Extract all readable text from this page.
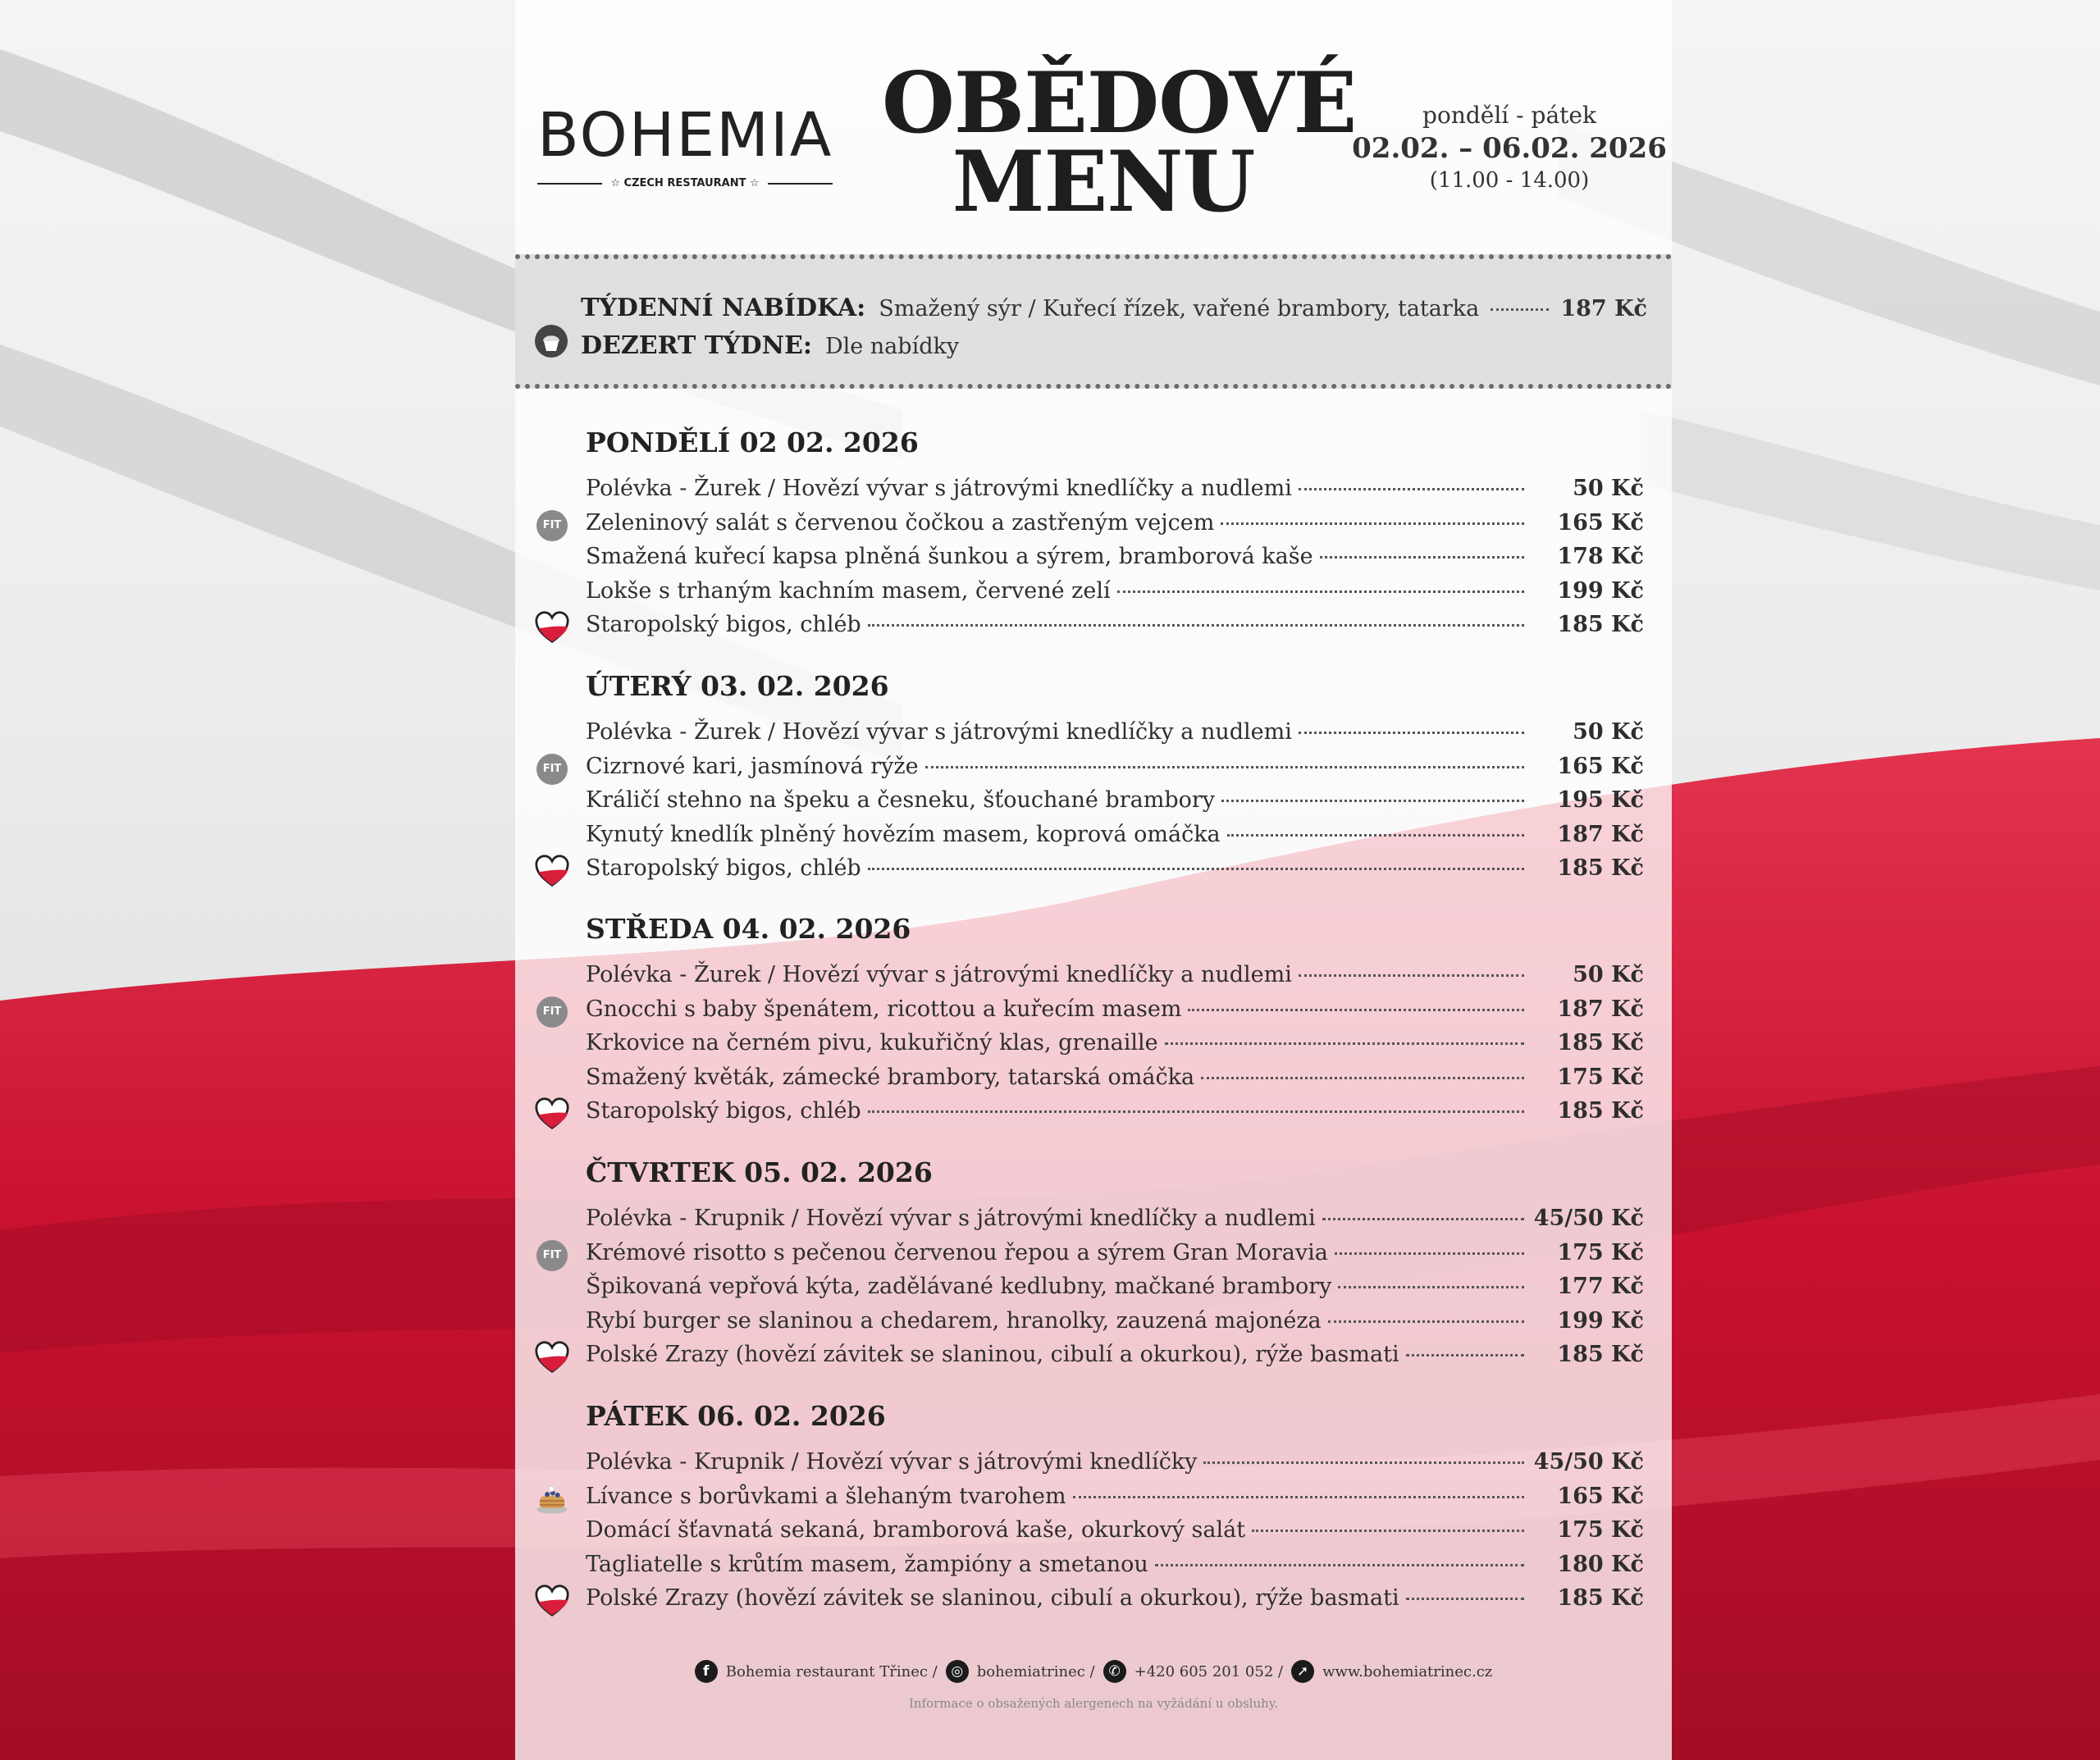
BOHEMIA
☆ CZECH RESTAURANT ☆
OBĚDOVÉ
MENU
pondělí - pátek
02.02. – 06.02. 2026
(11.00 - 14.00)
TÝDENNÍ NABÍDKA: Smažený sýr / Kuřecí řízek, vařené brambory, tatarka	187 Kč
DEZERT TÝDNE: Dle nabídky
PONDĚLÍ 02 02. 2026
Polévka - Žurek / Hovězí vývar s játrovými knedlíčky a nudlemi	50 Kč
FIT Zeleninový salát s červenou čočkou a zastřeným vejcem	165 Kč
Smažená kuřecí kapsa plněná šunkou a sýrem, bramborová kaše	178 Kč
Lokše s trhaným kachním masem, červené zelí	199 Kč
Staropolský bigos, chléb	185 Kč
ÚTERÝ 03. 02. 2026
Polévka - Žurek / Hovězí vývar s játrovými knedlíčky a nudlemi	50 Kč
FIT Cizrnové kari, jasmínová rýže	165 Kč
Králičí stehno na špeku a česneku, šťouchané brambory	195 Kč
Kynutý knedlík plněný hovězím masem, koprová omáčka	187 Kč
Staropolský bigos, chléb	185 Kč
STŘEDA 04. 02. 2026
Polévka - Žurek / Hovězí vývar s játrovými knedlíčky a nudlemi	50 Kč
FIT Gnocchi s baby špenátem, ricottou a kuřecím masem	187 Kč
Krkovice na černém pivu, kukuřičný klas, grenaille	185 Kč
Smažený květák, zámecké brambory, tatarská omáčka	175 Kč
Staropolský bigos, chléb	185 Kč
ČTVRTEK 05. 02. 2026
Polévka - Krupnik / Hovězí vývar s játrovými knedlíčky a nudlemi	45/50 Kč
FIT Krémové risotto s pečenou červenou řepou a sýrem Gran Moravia	175 Kč
Špikovaná vepřová kýta, zadělávané kedlubny, mačkané brambory	177 Kč
Rybí burger se slaninou a chedarem, hranolky, zauzená majonéza	199 Kč
Polské Zrazy (hovězí závitek se slaninou, cibulí a okurkou), rýže basmati	185 Kč
PÁTEK 06. 02. 2026
Polévka - Krupnik / Hovězí vývar s játrovými knedlíčky	45/50 Kč
Lívance s borůvkami a šlehaným tvarohem	165 Kč
Domácí šťavnatá sekaná, bramborová kaše, okurkový salát	175 Kč
Tagliatelle s krůtím masem, žampióny a smetanou	180 Kč
Polské Zrazy (hovězí závitek se slaninou, cibulí a okurkou), rýže basmati	185 Kč
f	Bohemia restaurant Třinec / ◎ bohemiatrinec / ✆ +420 605 201 052 / ➚ www.bohemiatrinec.cz
Informace o obsažených alergenech na vyžádání u obsluhy.
